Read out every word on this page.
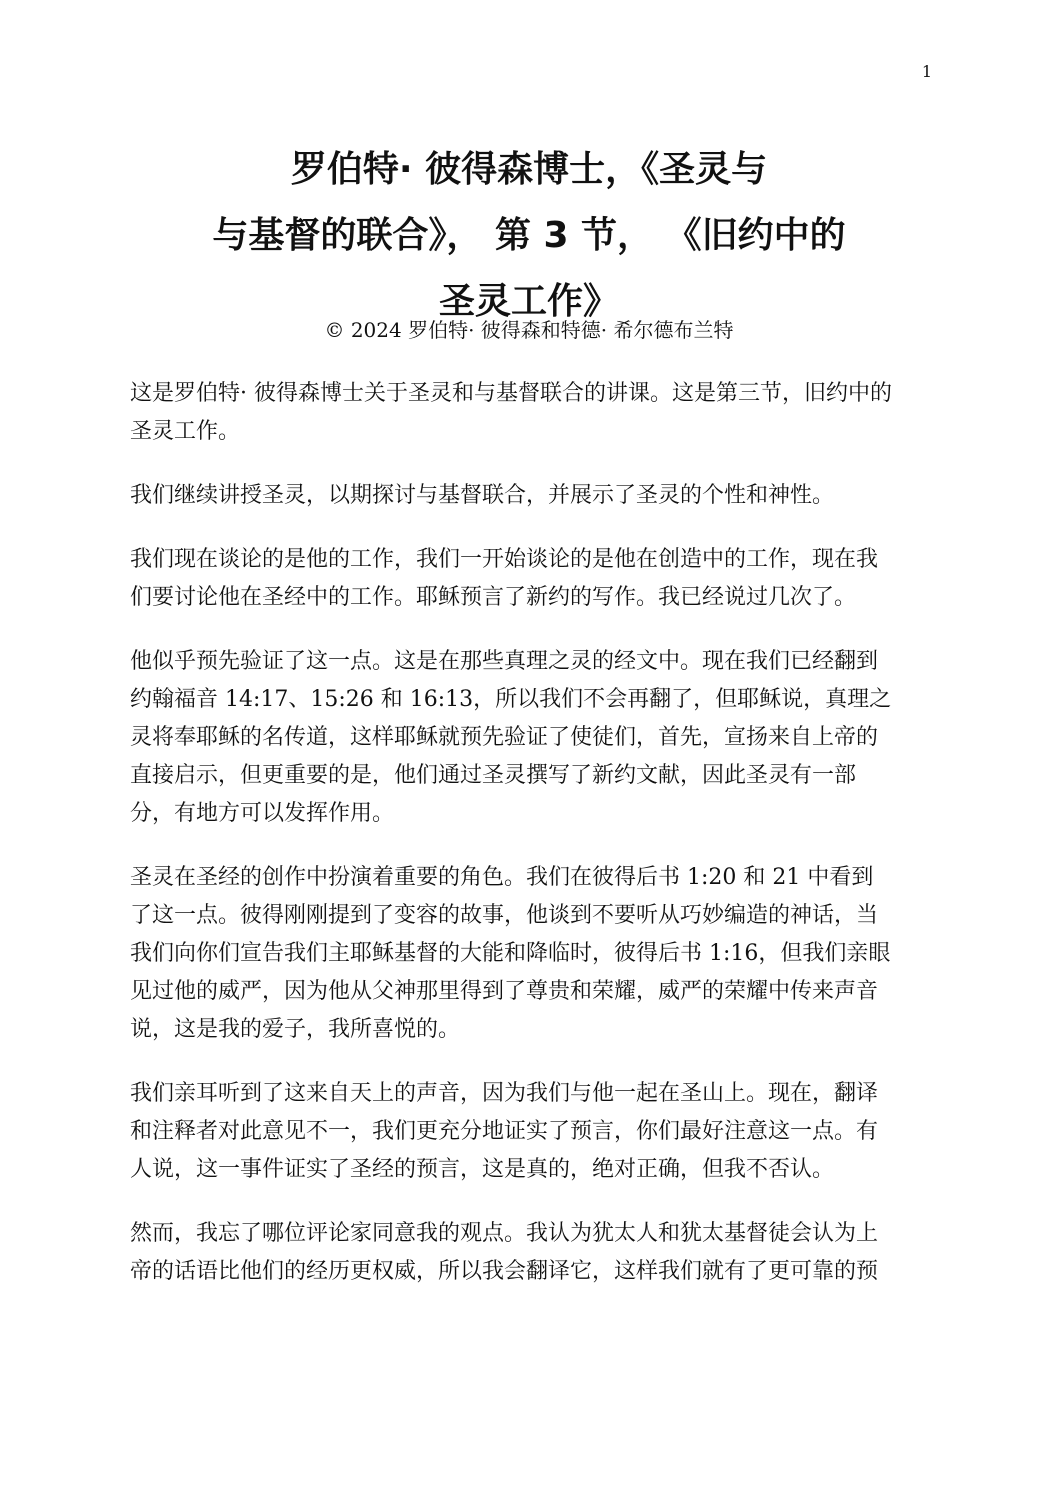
1
罗伯特· 彼得森博士，《圣灵与
与基督的联合》， 第 3 节， 《旧约中的
圣灵工作》
© 2024 罗伯特· 彼得森和特德· 希尔德布兰特
这是罗伯特· 彼得森博士关于圣灵和与基督联合的讲课。这是第三节，旧约中的
圣灵工作。
我们继续讲授圣灵，以期探讨与基督联合，并展示了圣灵的个性和神性。
我们现在谈论的是他的工作，我们一开始谈论的是他在创造中的工作，现在我
们要讨论他在圣经中的工作。耶稣预言了新约的写作。我已经说过几次了。
他似乎预先验证了这一点。这是在那些真理之灵的经文中。现在我们已经翻到
约翰福音 14:17、15:26 和 16:13，所以我们不会再翻了，但耶稣说，真理之
灵将奉耶稣的名传道，这样耶稣就预先验证了使徒们，首先，宣扬来自上帝的
直接启示，但更重要的是，他们通过圣灵撰写了新约文献，因此圣灵有一部
分，有地方可以发挥作用。
圣灵在圣经的创作中扮演着重要的角色。我们在彼得后书 1:20 和 21 中看到
了这一点。彼得刚刚提到了变容的故事，他谈到不要听从巧妙编造的神话，当
我们向你们宣告我们主耶稣基督的大能和降临时，彼得后书 1:16，但我们亲眼
见过他的威严，因为他从父神那里得到了尊贵和荣耀，威严的荣耀中传来声音
说，这是我的爱子，我所喜悦的。
我们亲耳听到了这来自天上的声音，因为我们与他一起在圣山上。现在，翻译
和注释者对此意见不一，我们更充分地证实了预言，你们最好注意这一点。有
人说，这一事件证实了圣经的预言，这是真的，绝对正确，但我不否认。
然而，我忘了哪位评论家同意我的观点。我认为犹太人和犹太基督徒会认为上
帝的话语比他们的经历更权威，所以我会翻译它，这样我们就有了更可靠的预
